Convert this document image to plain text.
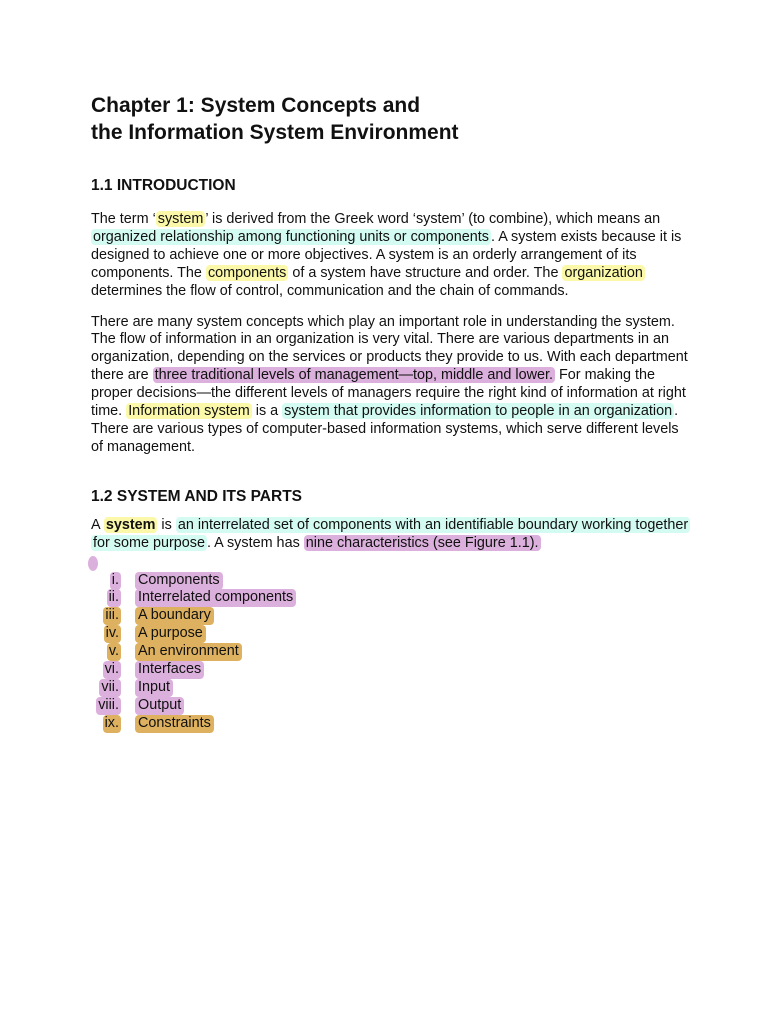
Chapter 1: System Concepts and
the Information System Environment
1.1 INTRODUCTION

The term ‘ system ’ is derived from the Greek word ‘system’ (to combine), which means an organized relationship among functioning units or components . A system exists because it is designed to achieve one or more objectives. A system is an orderly arrangement of its components. The components of a system have structure and order. The organization determines the flow of control, communication and the chain of commands.

There are many system concepts which play an important role in understanding the system. The flow of information in an organization is very vital. There are various departments in an organization, depending on the services or products they provide to us. With each department there are three traditional levels of management—top, middle and lower. For making the proper decisions—the different levels of managers require the right kind of information at right time. Information system is a system that provides information to people in an organization . There are various types of computer-based information systems, which serve different levels of management.

1.2 SYSTEM AND ITS PARTS

A system is an interrelated set of components with an identifiable boundary working together for some purpose . A system has nine characteristics (see Figure 1.1).

i. Components
ii. Interrelated components
iii. A boundary
iv. A purpose
v. An environment
vi. Interfaces
vii. Input
viii. Output
ix. Constraints
